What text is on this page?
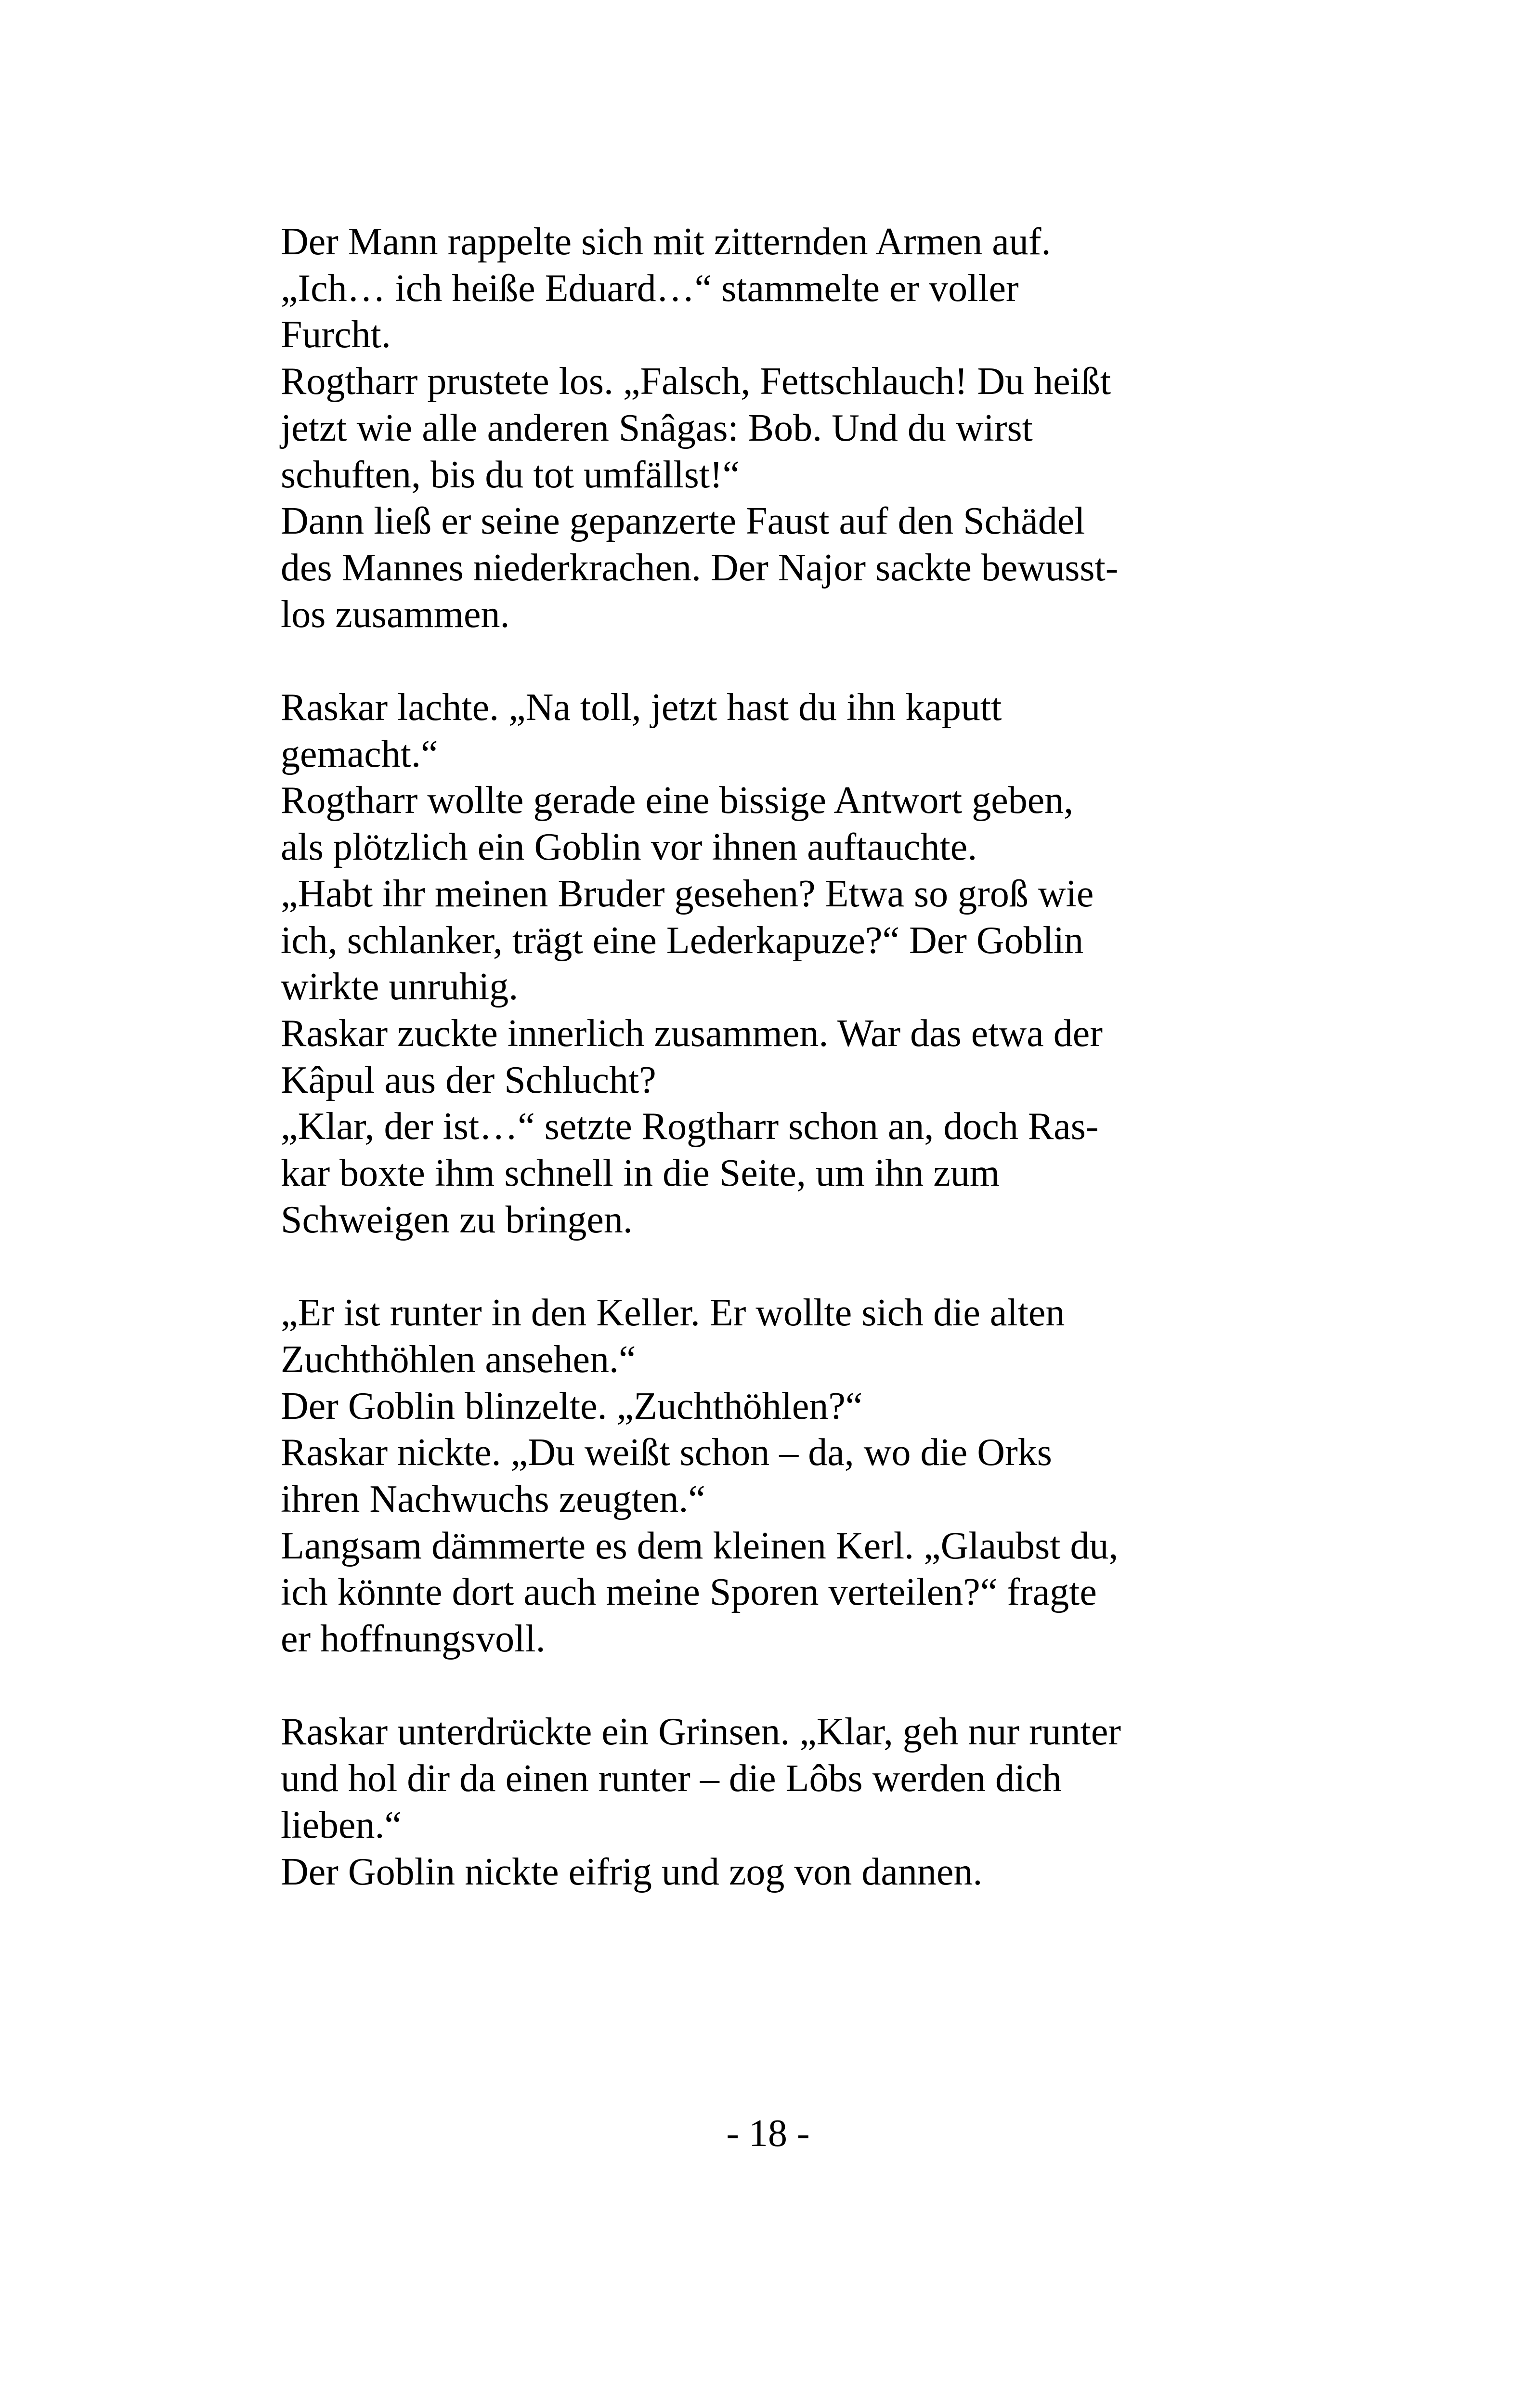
Der Mann rappelte sich mit zitternden Armen auf.
„Ich… ich heiße Eduard…“ stammelte er voller
Furcht.
Rogtharr prustete los. „Falsch, Fettschlauch! Du heißt
jetzt wie alle anderen Snâgas: Bob. Und du wirst
schuften, bis du tot umfällst!“
Dann ließ er seine gepanzerte Faust auf den Schädel
des Mannes niederkrachen. Der Najor sackte bewusst-
los zusammen.
Raskar lachte. „Na toll, jetzt hast du ihn kaputt
gemacht.“
Rogtharr wollte gerade eine bissige Antwort geben,
als plötzlich ein Goblin vor ihnen auftauchte.
„Habt ihr meinen Bruder gesehen? Etwa so groß wie
ich, schlanker, trägt eine Lederkapuze?“ Der Goblin
wirkte unruhig.
Raskar zuckte innerlich zusammen. War das etwa der
Kâpul aus der Schlucht?
„Klar, der ist…“ setzte Rogtharr schon an, doch Ras-
kar boxte ihm schnell in die Seite, um ihn zum
Schweigen zu bringen.
„Er ist runter in den Keller. Er wollte sich die alten
Zuchthöhlen ansehen.“
Der Goblin blinzelte. „Zuchthöhlen?“
Raskar nickte. „Du weißt schon – da, wo die Orks
ihren Nachwuchs zeugten.“
Langsam dämmerte es dem kleinen Kerl. „Glaubst du,
ich könnte dort auch meine Sporen verteilen?“ fragte
er hoffnungsvoll.
Raskar unterdrückte ein Grinsen. „Klar, geh nur runter
und hol dir da einen runter – die Lôbs werden dich
lieben.“
Der Goblin nickte eifrig und zog von dannen.
- 18 -
